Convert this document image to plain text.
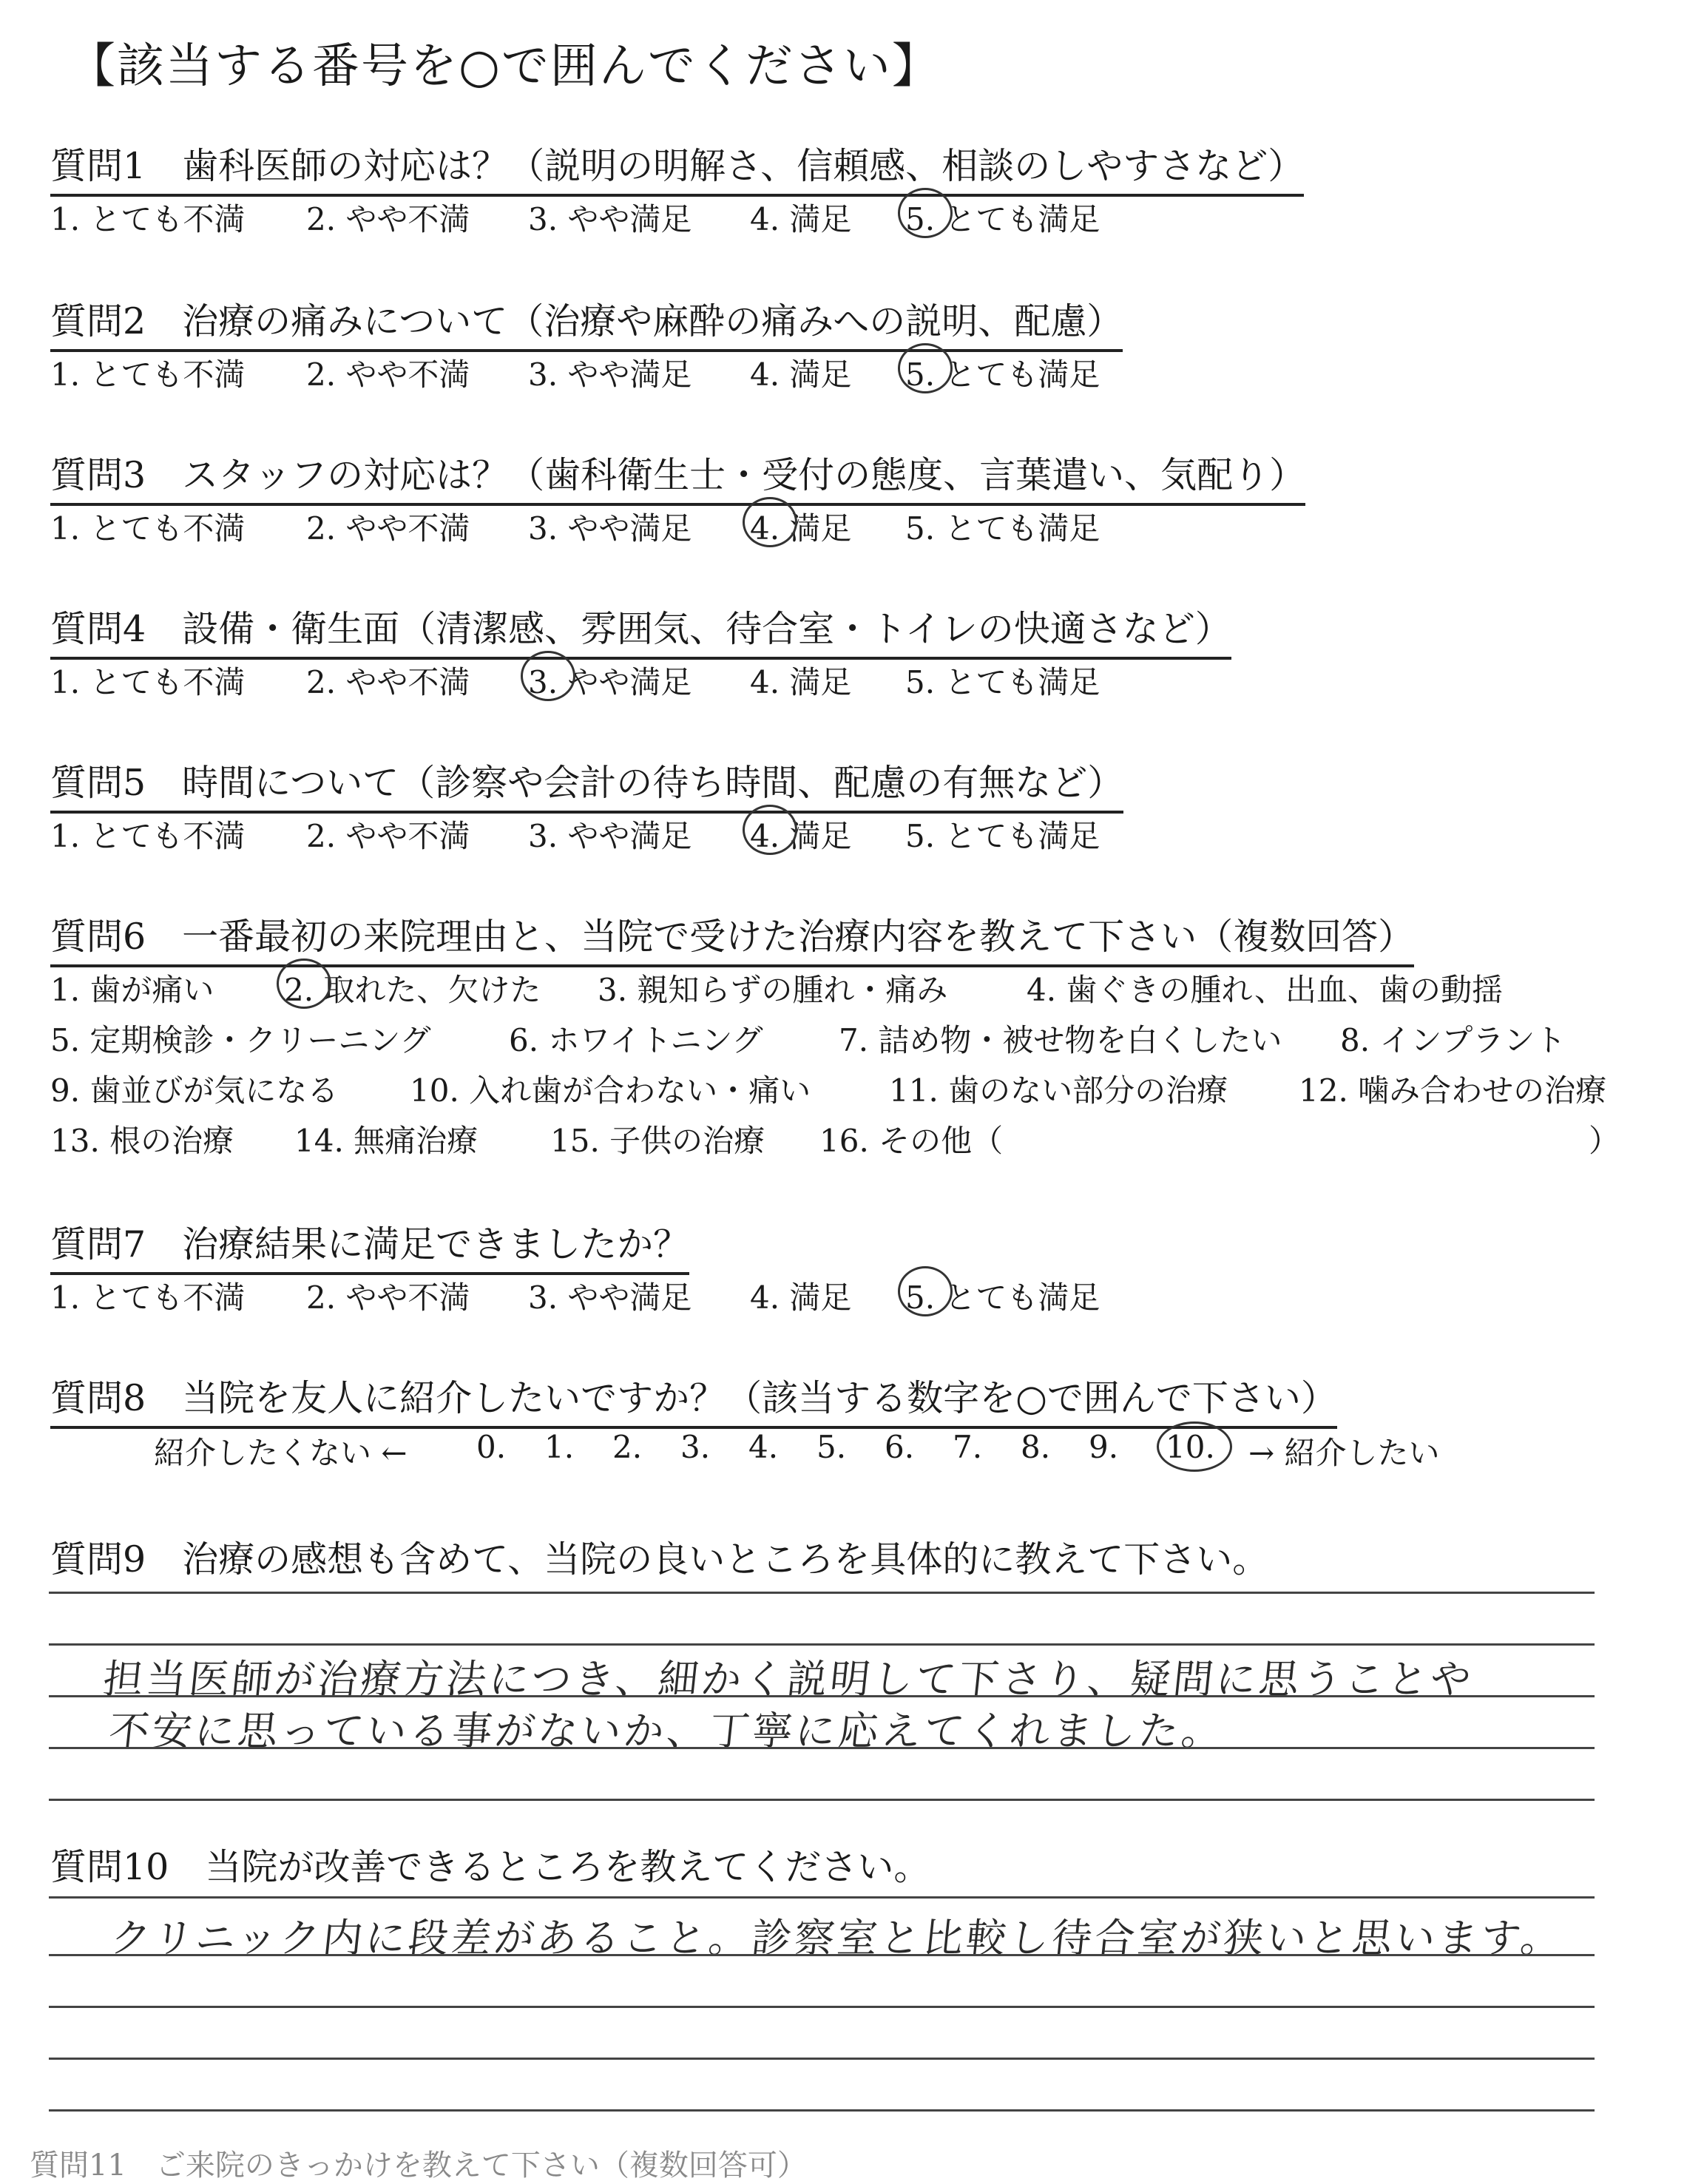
【該当する番号を○で囲んでください】
質問1　歯科医師の対応は？（説明の明解さ、信頼感、相談のしやすさなど）
1. とても不満 2. やや不満 3. やや満足 4. 満足 5. とても満足
質問2　治療の痛みについて（治療や麻酔の痛みへの説明、配慮）
1. とても不満 2. やや不満 3. やや満足 4. 満足 5. とても満足
質問3　スタッフの対応は？（歯科衛生士・受付の態度、言葉遣い、気配り）
1. とても不満 2. やや不満 3. やや満足 4. 満足 5. とても満足
質問4　設備・衛生面（清潔感、雰囲気、待合室・トイレの快適さなど）
1. とても不満 2. やや不満 3. やや満足 4. 満足 5. とても満足
質問5　時間について（診察や会計の待ち時間、配慮の有無など）
1. とても不満 2. やや不満 3. やや満足 4. 満足 5. とても満足
質問6　一番最初の来院理由と、当院で受けた治療内容を教えて下さい（複数回答）
1. 歯が痛い 2. 取れた、欠けた 3. 親知らずの腫れ・痛み	4. 歯ぐきの腫れ、出血、歯の動揺
5. 定期検診・クリーニング	6. ホワイトニング 7. 詰め物・被せ物を白くしたい 8. インプラント
9. 歯並びが気になる 10. 入れ歯が合わない・痛い	11. 歯のない部分の治療 12. 噛み合わせの治療
13. 根の治療 14. 無痛治療 15. 子供の治療 16. その他（	）
質問7　治療結果に満足できましたか？
1. とても不満 2. やや不満 3. やや満足 4. 満足 5. とても満足
質問8　当院を友人に紹介したいですか？（該当する数字を○で囲んで下さい）
紹介したくない ← 0. 1. 2. 3. 4. 5. 6. 7. 8. 9. 10. → 紹介したい
質問9　治療の感想も含めて、当院の良いところを具体的に教えて下さい。
担当医師が治療方法につき、細かく説明して下さり、疑問に思うことや
不安に思っている事がないか、丁寧に応えてくれました。
質問10　当院が改善できるところを教えてください。
クリニック内に段差があること。診察室と比較し待合室が狭いと思います。
質問11　ご来院のきっかけを教えて下さい（複数回答可）
